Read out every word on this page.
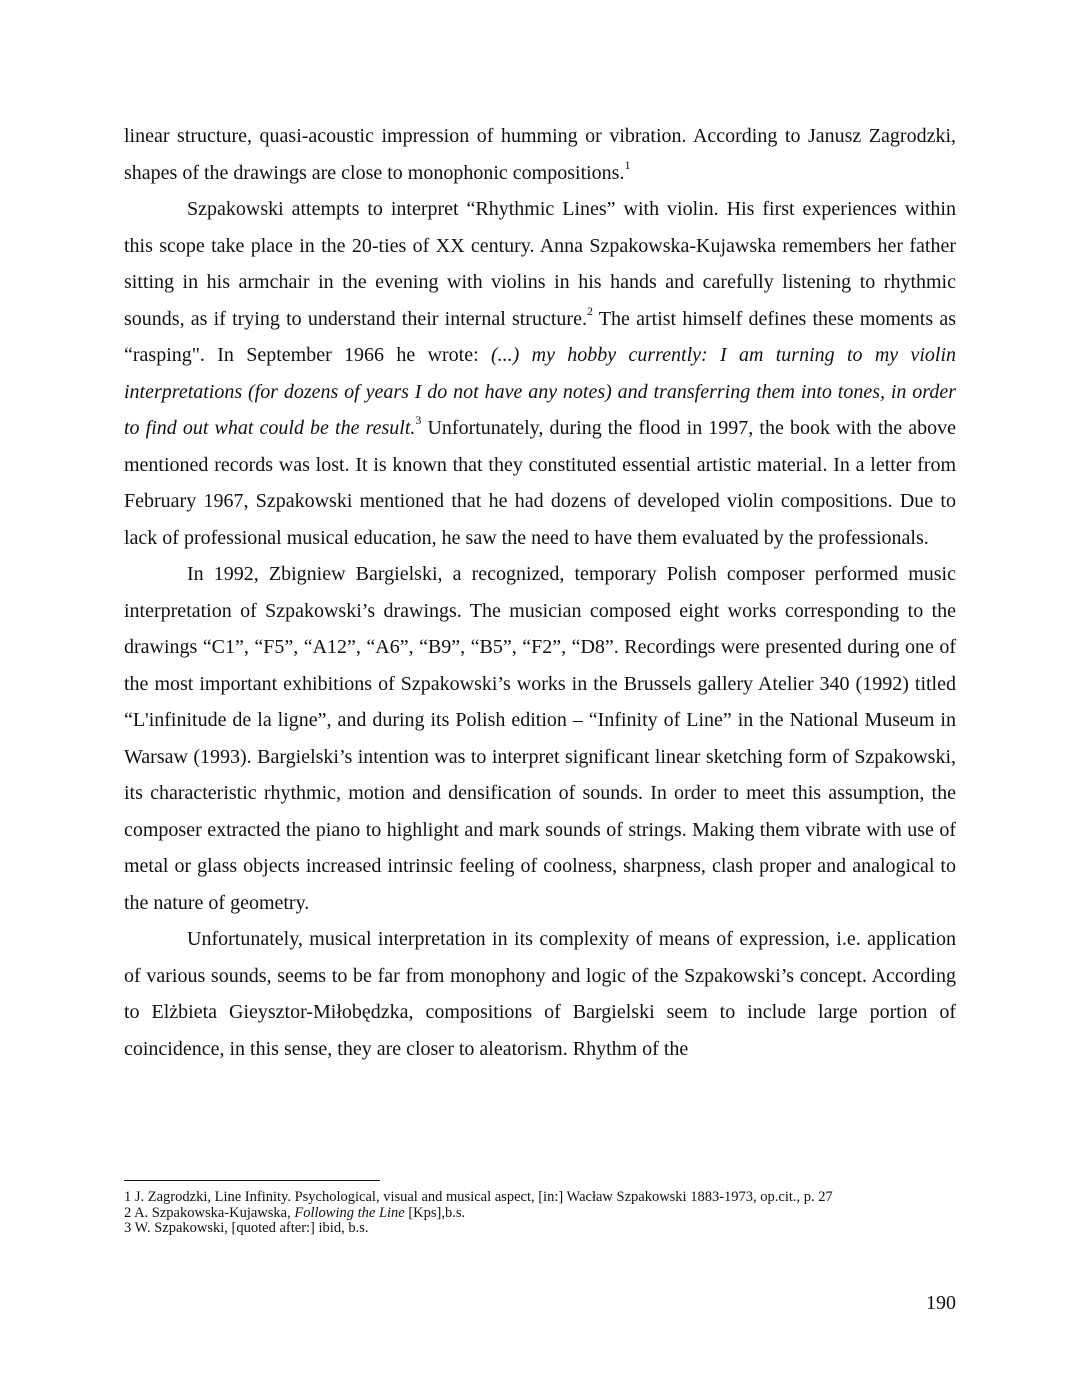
linear structure, quasi-acoustic impression of humming or vibration. According to Janusz Zagrodzki, shapes of the drawings are close to monophonic compositions.$^1$

Szpakowski attempts to interpret “Rhythmic Lines” with violin. His first experiences within this scope take place in the 20-ties of XX century. Anna Szpakowska-Kujawska remembers her father sitting in his armchair in the evening with violins in his hands and carefully listening to rhythmic sounds, as if trying to understand their internal structure.$^2$ The artist himself defines these moments as “rasping". In September 1966 he wrote: (...) my hobby currently: I am turning to my violin interpretations (for dozens of years I do not have any notes) and transferring them into tones, in order to find out what could be the result.$^3$ Unfortunately, during the flood in 1997, the book with the above mentioned records was lost. It is known that they constituted essential artistic material. In a letter from February 1967, Szpakowski mentioned that he had dozens of developed violin compositions. Due to lack of professional musical education, he saw the need to have them evaluated by the professionals.

In 1992, Zbigniew Bargielski, a recognized, temporary Polish composer performed music interpretation of Szpakowski’s drawings. The musician composed eight works corresponding to the drawings “C1”, “F5”, “A12”, “A6”, “B9”, “B5”, “F2”, “D8”. Recordings were presented during one of the most important exhibitions of Szpakowski’s works in the Brussels gallery Atelier 340 (1992) titled “L'infinitude de la ligne”, and during its Polish edition – “Infinity of Line” in the National Museum in Warsaw (1993). Bargielski’s intention was to interpret significant linear sketching form of Szpakowski, its characteristic rhythmic, motion and densification of sounds. In order to meet this assumption, the composer extracted the piano to highlight and mark sounds of strings. Making them vibrate with use of metal or glass objects increased intrinsic feeling of coolness, sharpness, clash proper and analogical to the nature of geometry.

Unfortunately, musical interpretation in its complexity of means of expression, i.e. application of various sounds, seems to be far from monophony and logic of the Szpakowski’s concept. According to Elżbieta Gieysztor-Miłobędzka, compositions of Bargielski seem to include large portion of coincidence, in this sense, they are closer to aleatorism. Rhythm of the

1 J. Zagrodzki, Line Infinity. Psychological, visual and musical aspect, [in:] Wacław Szpakowski 1883-1973, op.cit., p. 27

2 A. Szpakowska-Kujawska, Following the Line [Kps],b.s.

3 W. Szpakowski, [quoted after:] ibid, b.s.

190
